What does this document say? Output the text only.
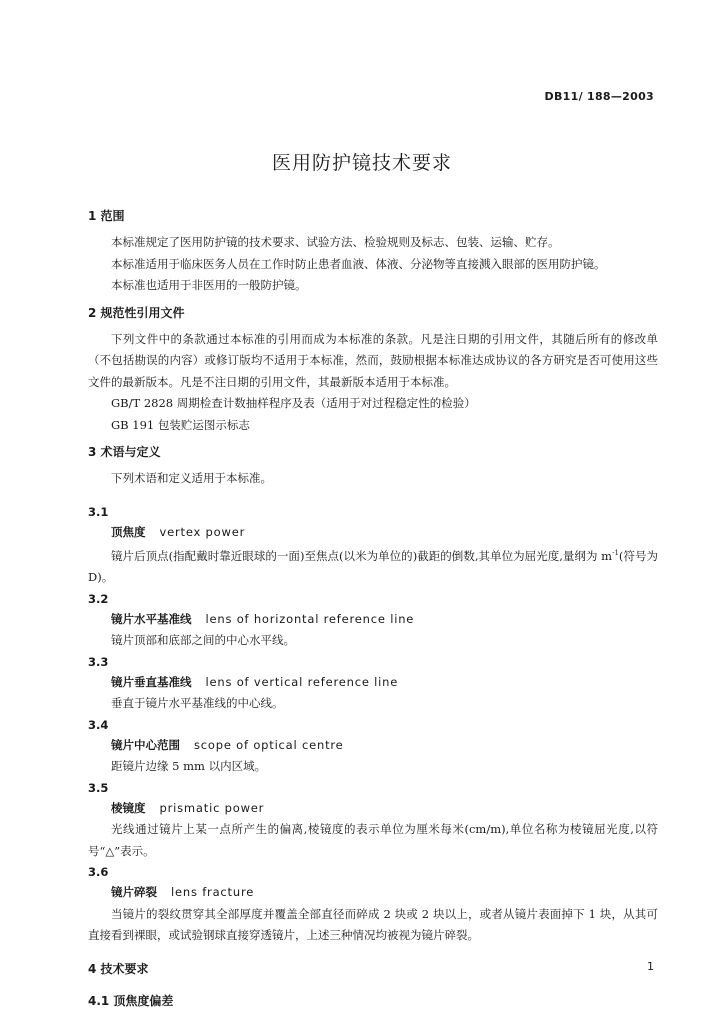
DB11/ 188—2003
医用防护镜技术要求
1 范围

本标准规定了医用防护镜的技术要求、试验方法、检验规则及标志、包装、运输、贮存。

本标准适用于临床医务人员在工作时防止患者血液、体液、分泌物等直接溅入眼部的医用防护镜。

本标准也适用于非医用的一般防护镜。

2 规范性引用文件

下列文件中的条款通过本标准的引用而成为本标准的条款。凡是注日期的引用文件，其随后所有的修改单（不包括勘误的内容）或修订版均不适用于本标准，然而，鼓励根据本标准达成协议的各方研究是否可使用这些文件的最新版本。凡是不注日期的引用文件，其最新版本适用于本标准。

GB/T 2828 周期检查计数抽样程序及表（适用于对过程稳定性的检验）

GB 191 包装贮运图示标志

3 术语与定义

下列术语和定义适用于本标准。

3.1
顶焦度 vertex power

镜片后顶点(指配戴时靠近眼球的一面)至焦点(以米为单位的)截距的倒数,其单位为屈光度,量纲为 $m^{-1}$(符号为 D)。

3.2
镜片水平基准线 lens of horizontal reference line

镜片顶部和底部之间的中心水平线。

3.3
镜片垂直基准线 lens of vertical reference line

垂直于镜片水平基准线的中心线。

3.4
镜片中心范围 scope of optical centre

距镜片边缘 5 mm 以内区域。

3.5
棱镜度 prismatic power

光线通过镜片上某一点所产生的偏离,棱镜度的表示单位为厘米每米(cm/m),单位名称为棱镜屈光度,以符号“△”表示。

3.6
镜片碎裂 lens fracture

当镜片的裂纹贯穿其全部厚度并覆盖全部直径而碎成 2 块或 2 块以上，或者从镜片表面掉下 1 块，从其可直接看到裸眼，或试验钢球直接穿透镜片，上述三种情况均被视为镜片碎裂。

4 技术要求
4.1 顶焦度偏差
1
